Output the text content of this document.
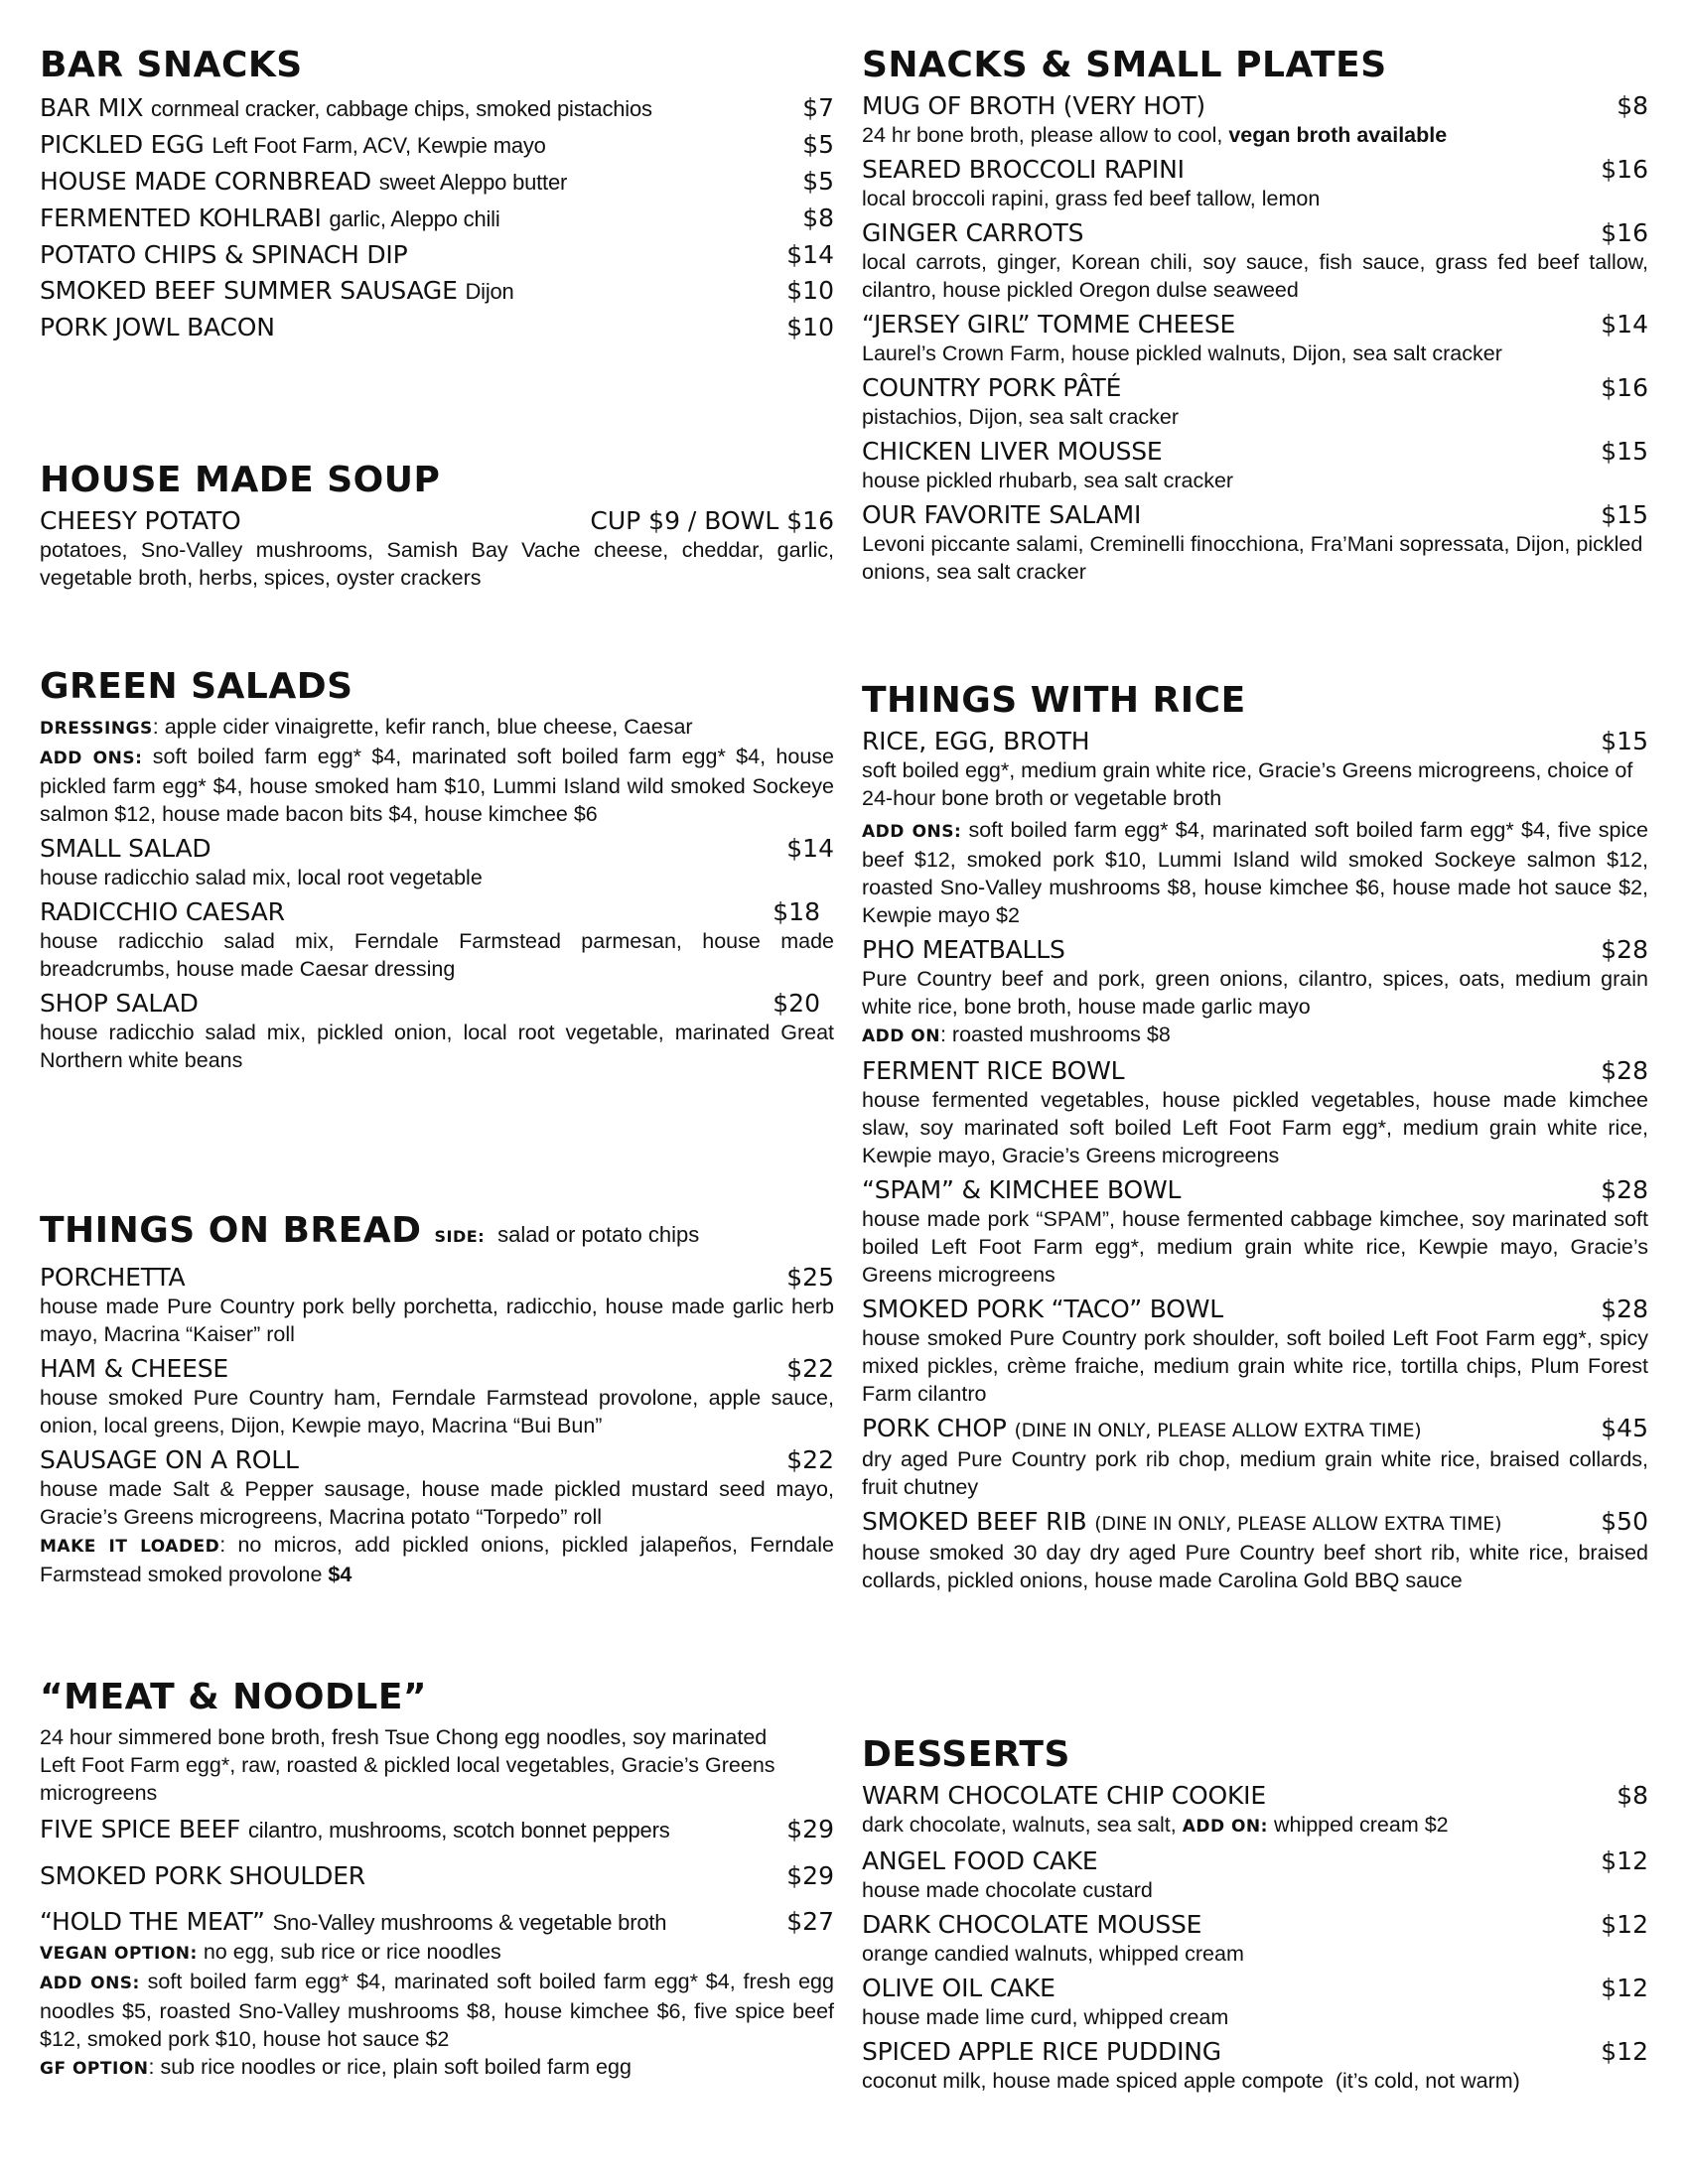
BAR SNACKS
BAR MIX cornmeal cracker, cabbage chips, smoked pistachios	$7
PICKLED EGG Left Foot Farm, ACV, Kewpie mayo	$5
HOUSE MADE CORNBREAD sweet Aleppo butter	$5
FERMENTED KOHLRABI garlic, Aleppo chili	$8
POTATO CHIPS & SPINACH DIP	$14
SMOKED BEEF SUMMER SAUSAGE Dijon	$10
PORK JOWL BACON	$10
HOUSE MADE SOUP
CHEESY POTATO	CUP $9 / BOWL $16
potatoes, Sno-Valley mushrooms, Samish Bay Vache cheese, cheddar, garlic, vegetable broth, herbs, spices, oyster crackers
GREEN SALADS
DRESSINGS: apple cider vinaigrette, kefir ranch, blue cheese, Caesar
ADD ONS: soft boiled farm egg* $4, marinated soft boiled farm egg* $4, house pickled farm egg* $4, house smoked ham $10, Lummi Island wild smoked Sockeye salmon $12, house made bacon bits $4, house kimchee $6
SMALL SALAD	$14
house radicchio salad mix, local root vegetable
RADICCHIO CAESAR	$18
house radicchio salad mix, Ferndale Farmstead parmesan, house made breadcrumbs, house made Caesar dressing
SHOP SALAD	$20
house radicchio salad mix, pickled onion, local root vegetable, marinated Great Northern white beans
THINGS ON BREAD SIDE: salad or potato chips
PORCHETTA	$25
house made Pure Country pork belly porchetta, radicchio, house made garlic herb mayo, Macrina “Kaiser” roll
HAM & CHEESE	$22
house smoked Pure Country ham, Ferndale Farmstead provolone, apple sauce, onion, local greens, Dijon, Kewpie mayo, Macrina “Bui Bun”
SAUSAGE ON A ROLL	$22
house made Salt & Pepper sausage, house made pickled mustard seed mayo, Gracie’s Greens microgreens, Macrina potato “Torpedo” roll
MAKE IT LOADED: no micros, add pickled onions, pickled jalapeños, Ferndale Farmstead smoked provolone $4
“MEAT & NOODLE”
24 hour simmered bone broth, fresh Tsue Chong egg noodles, soy marinated Left Foot Farm egg*, raw, roasted & pickled local vegetables, Gracie’s Greens microgreens
FIVE SPICE BEEF cilantro, mushrooms, scotch bonnet peppers	$29
SMOKED PORK SHOULDER	$29
“HOLD THE MEAT” Sno-Valley mushrooms & vegetable broth	$27
VEGAN OPTION: no egg, sub rice or rice noodles
ADD ONS: soft boiled farm egg* $4, marinated soft boiled farm egg* $4, fresh egg noodles $5, roasted Sno-Valley mushrooms $8, house kimchee $6, five spice beef $12, smoked pork $10, house hot sauce $2
GF OPTION: sub rice noodles or rice, plain soft boiled farm egg
SNACKS & SMALL PLATES
MUG OF BROTH (VERY HOT)	$8
24 hr bone broth, please allow to cool, vegan broth available
SEARED BROCCOLI RAPINI	$16
local broccoli rapini, grass fed beef tallow, lemon
GINGER CARROTS	$16
local carrots, ginger, Korean chili, soy sauce, fish sauce, grass fed beef tallow, cilantro, house pickled Oregon dulse seaweed
“JERSEY GIRL” TOMME CHEESE	$14
Laurel’s Crown Farm, house pickled walnuts, Dijon, sea salt cracker
COUNTRY PORK PÂTÉ	$16
pistachios, Dijon, sea salt cracker
CHICKEN LIVER MOUSSE	$15
house pickled rhubarb, sea salt cracker
OUR FAVORITE SALAMI	$15
Levoni piccante salami, Creminelli finocchiona, Fra’Mani sopressata, Dijon, pickled onions, sea salt cracker
THINGS WITH RICE
RICE, EGG, BROTH	$15
soft boiled egg*, medium grain white rice, Gracie’s Greens microgreens, choice of 24-hour bone broth or vegetable broth
ADD ONS: soft boiled farm egg* $4, marinated soft boiled farm egg* $4, five spice beef $12, smoked pork $10, Lummi Island wild smoked Sockeye salmon $12, roasted Sno-Valley mushrooms $8, house kimchee $6, house made hot sauce $2, Kewpie mayo $2
PHO MEATBALLS	$28
Pure Country beef and pork, green onions, cilantro, spices, oats, medium grain white rice, bone broth, house made garlic mayo
ADD ON: roasted mushrooms $8
FERMENT RICE BOWL	$28
house fermented vegetables, house pickled vegetables, house made kimchee slaw, soy marinated soft boiled Left Foot Farm egg*, medium grain white rice, Kewpie mayo, Gracie’s Greens microgreens
“SPAM” & KIMCHEE BOWL	$28
house made pork “SPAM”, house fermented cabbage kimchee, soy marinated soft boiled Left Foot Farm egg*, medium grain white rice, Kewpie mayo, Gracie’s Greens microgreens
SMOKED PORK “TACO” BOWL	$28
house smoked Pure Country pork shoulder, soft boiled Left Foot Farm egg*, spicy mixed pickles, crème fraiche, medium grain white rice, tortilla chips, Plum Forest Farm cilantro
PORK CHOP (DINE IN ONLY, PLEASE ALLOW EXTRA TIME)	$45
dry aged Pure Country pork rib chop, medium grain white rice, braised collards, fruit chutney
SMOKED BEEF RIB (DINE IN ONLY, PLEASE ALLOW EXTRA TIME)	$50
house smoked 30 day dry aged Pure Country beef short rib, white rice, braised collards, pickled onions, house made Carolina Gold BBQ sauce
DESSERTS
WARM CHOCOLATE CHIP COOKIE	$8
dark chocolate, walnuts, sea salt, ADD ON: whipped cream $2
ANGEL FOOD CAKE	$12
house made chocolate custard
DARK CHOCOLATE MOUSSE	$12
orange candied walnuts, whipped cream
OLIVE OIL CAKE	$12
house made lime curd, whipped cream
SPICED APPLE RICE PUDDING	$12
coconut milk, house made spiced apple compote  (it’s cold, not warm)
